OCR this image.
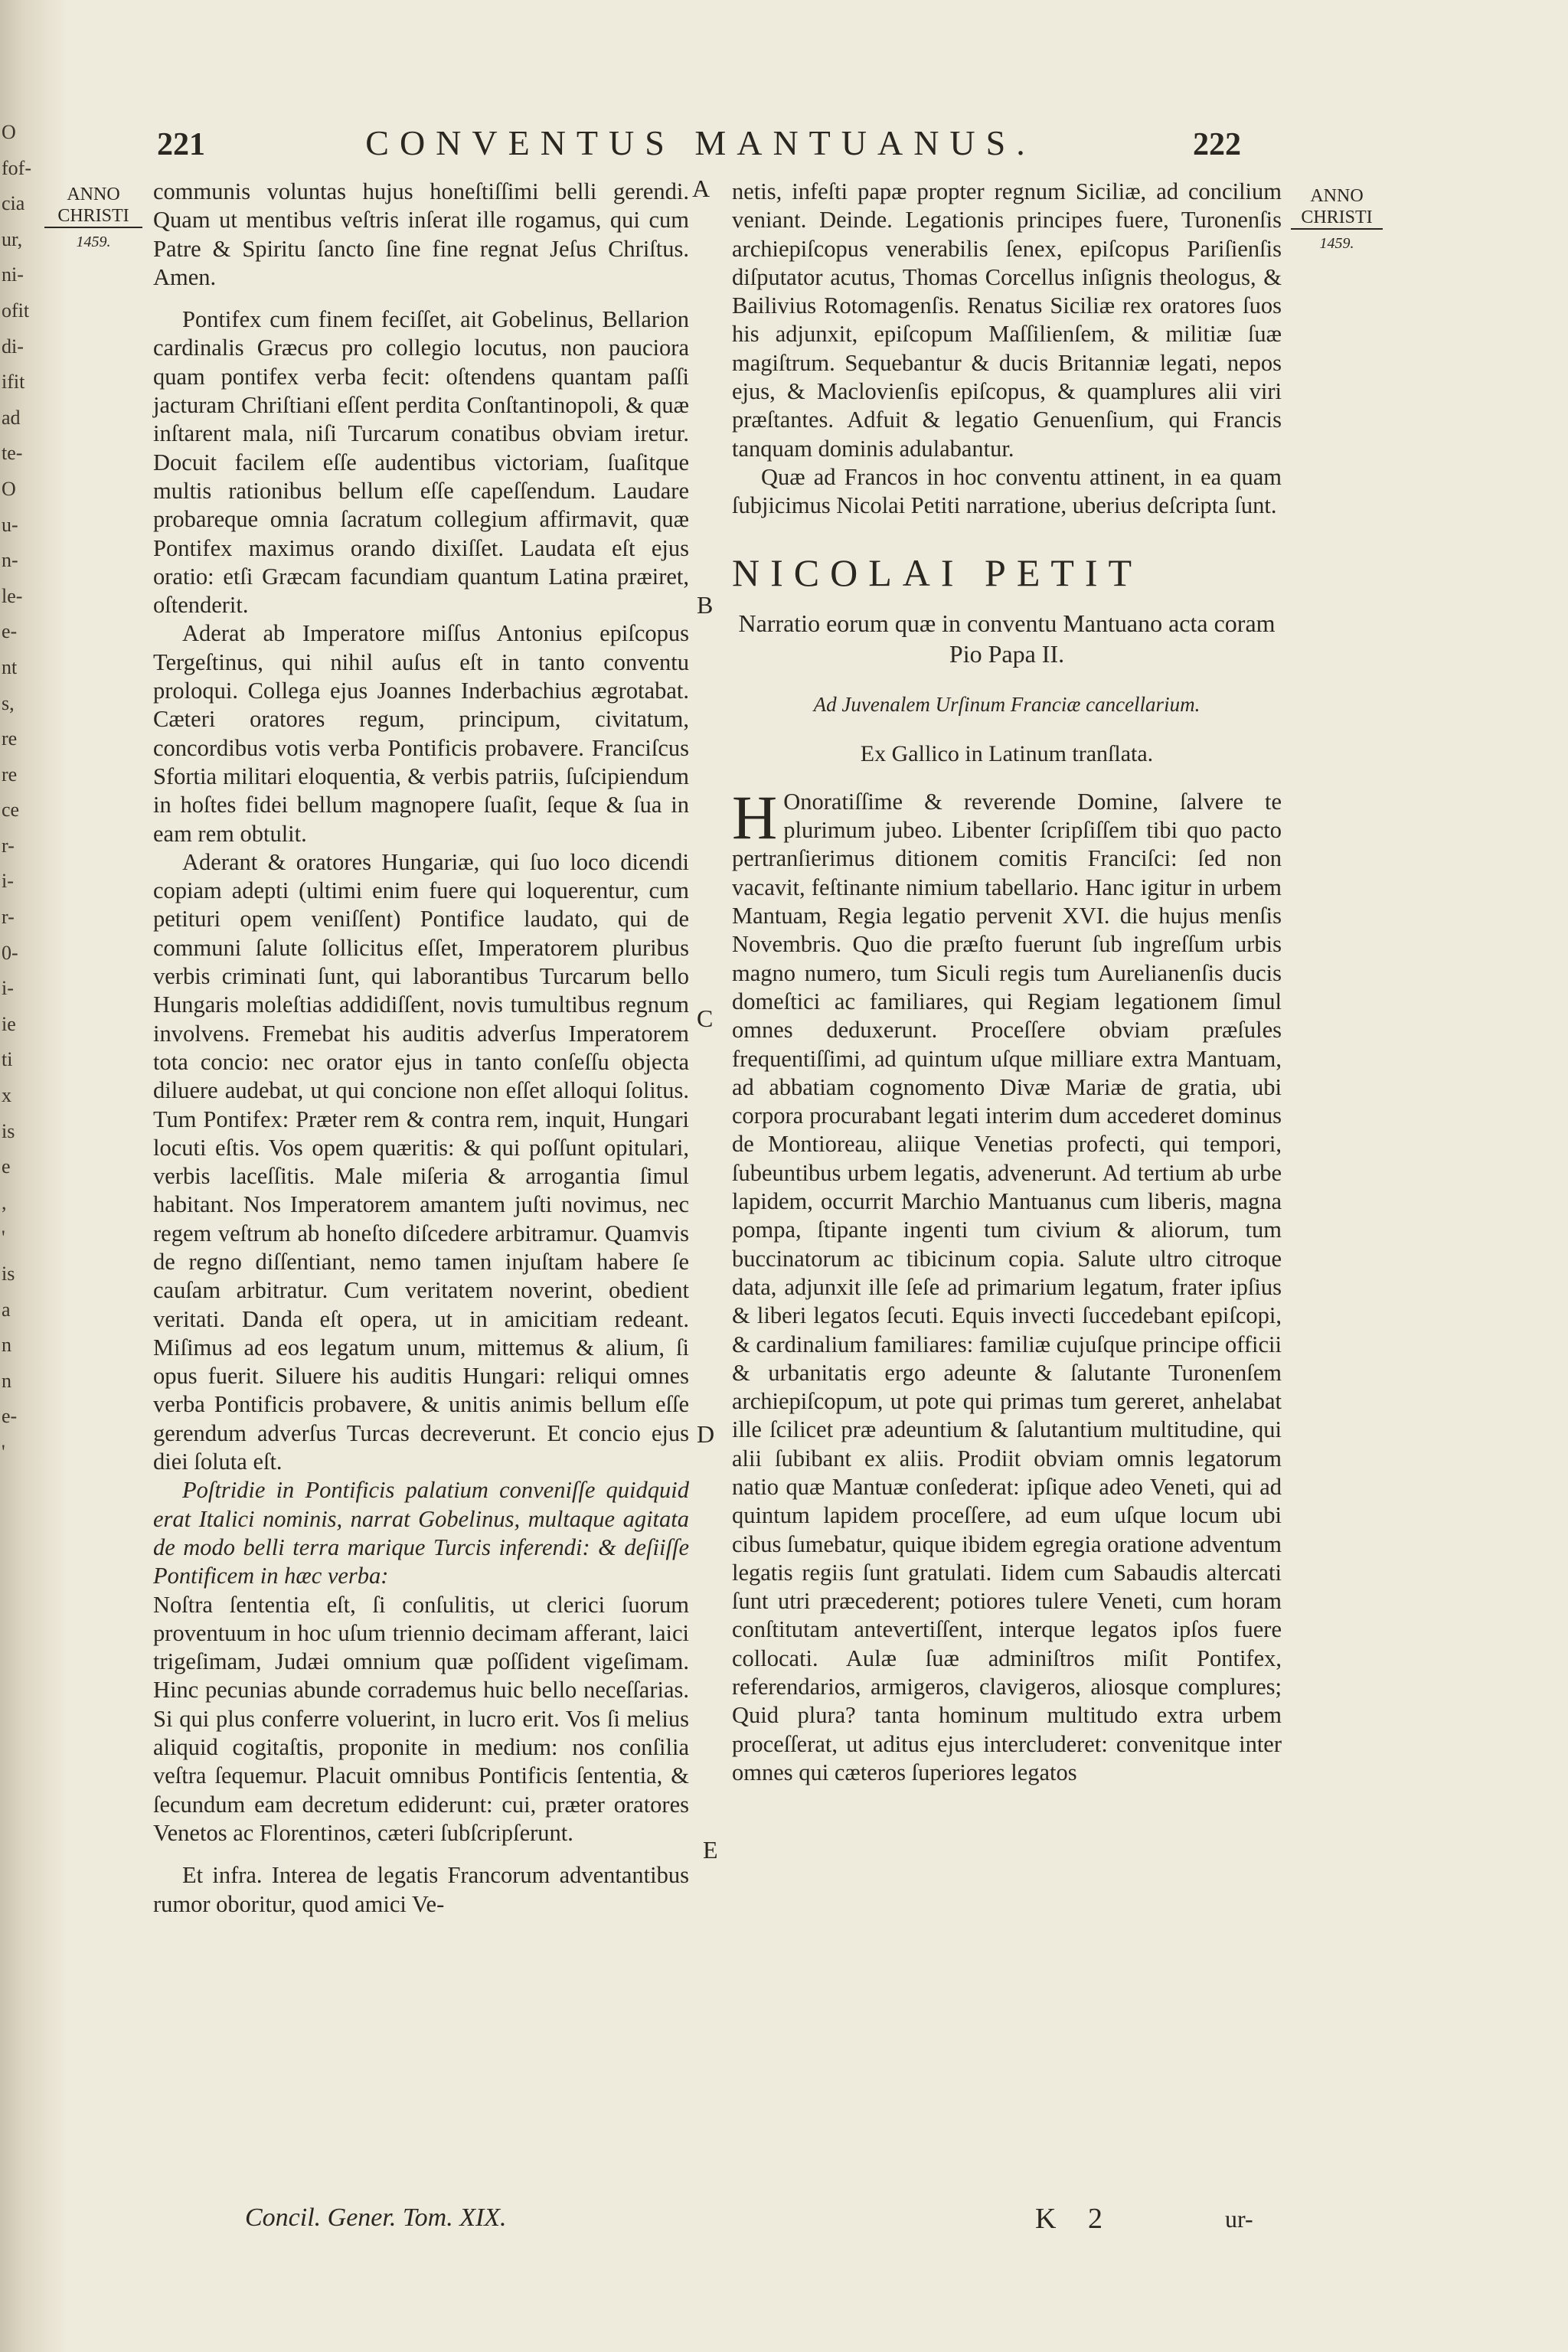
O
fof-
cia
ur,
ni-
ofit
di-
ifit
ad
te-
O
u-
n-
le-
e-
nt
s,
re
re
ce
r-
i-
r-
0-
i-
ie
ti
x
is
e
,
'
is
a
n
n
e-
'
221	CONVENTUS MANTUANUS.	222
ANNO CHRISTI
1459.
ANNO CHRISTI
1459.
A
B
C
D
E

communis voluntas hujus honeſtiſſimi belli gerendi. Quam ut mentibus veſtris inſerat ille rogamus, qui cum Patre & Spiritu ſancto ſine fine regnat Jeſus Chriſtus. Amen.

Pontifex cum finem feciſſet, ait Gobelinus, Bellarion cardinalis Græcus pro collegio locutus, non pauciora quam pontifex verba fecit: oſtendens quantam paſſi jacturam Chriſtiani eſſent perdita Conſtantinopoli, & quæ inſtarent mala, niſi Turcarum conatibus obviam iretur. Docuit facilem eſſe audentibus victoriam, ſuaſitque multis rationibus bellum eſſe capeſſendum. Laudare probareque omnia ſacratum collegium affirmavit, quæ Pontifex maximus orando dixiſſet. Laudata eſt ejus oratio: etſi Græcam facundiam quantum Latina præiret, oſtenderit.

Aderat ab Imperatore miſſus Antonius epiſcopus Tergeſtinus, qui nihil auſus eſt in tanto conventu proloqui. Collega ejus Joannes Inderbachius ægrotabat. Cæteri oratores regum, principum, civitatum, concordibus votis verba Pontificis probavere. Franciſcus Sfortia militari eloquentia, & verbis patriis, ſuſcipiendum in hoſtes fidei bellum magnopere ſuaſit, ſeque & ſua in eam rem obtulit.

Aderant & oratores Hungariæ, qui ſuo loco dicendi copiam adepti (ultimi enim fuere qui loquerentur, cum petituri opem veniſſent) Pontifice laudato, qui de communi ſalute ſollicitus eſſet, Imperatorem pluribus verbis criminati ſunt, qui laborantibus Turcarum bello Hungaris moleſtias addidiſſent, novis tumultibus regnum involvens. Fremebat his auditis adverſus Imperatorem tota concio: nec orator ejus in tanto conſeſſu objecta diluere audebat, ut qui concione non eſſet alloqui ſolitus. Tum Pontifex: Præter rem & contra rem, inquit, Hungari locuti eſtis. Vos opem quæritis: & qui poſſunt opitulari, verbis laceſſitis. Male miſeria & arrogantia ſimul habitant. Nos Imperatorem amantem juſti novimus, nec regem veſtrum ab honeſto diſcedere arbitramur. Quamvis de regno diſſentiant, nemo tamen injuſtam habere ſe cauſam arbitratur. Cum veritatem noverint, obedient veritati. Danda eſt opera, ut in amicitiam redeant. Miſimus ad eos legatum unum, mittemus & alium, ſi opus fuerit. Siluere his auditis Hungari: reliqui omnes verba Pontificis probavere, & unitis animis bellum eſſe gerendum adverſus Turcas decreverunt. Et concio ejus diei ſoluta eſt.

Poſtridie in Pontificis palatium conveniſſe quidquid erat Italici nominis, narrat Gobelinus, multaque agitata de modo belli terra marique Turcis inferendi: & deſiiſſe Pontificem in hæc verba:

Noſtra ſententia eſt, ſi conſulitis, ut clerici ſuorum proventuum in hoc uſum triennio decimam afferant, laici trigeſimam, Judæi omnium quæ poſſident vigeſimam. Hinc pecunias abunde corrademus huic bello neceſſarias. Si qui plus conferre voluerint, in lucro erit. Vos ſi melius aliquid cogitaſtis, proponite in medium: nos conſilia veſtra ſequemur. Placuit omnibus Pontificis ſententia, & ſecundum eam decretum ediderunt: cui, præter oratores Venetos ac Florentinos, cæteri ſubſcripſerunt.

Et infra. Interea de legatis Francorum adventantibus rumor oboritur, quod amici Ve-

netis, infeſti papæ propter regnum Siciliæ, ad concilium veniant. Deinde. Legationis principes fuere, Turonenſis archiepiſcopus venerabilis ſenex, epiſcopus Pariſienſis diſputator acutus, Thomas Corcellus inſignis theologus, & Bailivius Rotomagenſis. Renatus Siciliæ rex oratores ſuos his adjunxit, epiſcopum Maſſilienſem, & militiæ ſuæ magiſtrum. Sequebantur & ducis Britanniæ legati, nepos ejus, & Maclovienſis epiſcopus, & quamplures alii viri præſtantes. Adfuit & legatio Genuenſium, qui Francis tanquam dominis adulabantur.

Quæ ad Francos in hoc conventu attinent, in ea quam ſubjicimus Nicolai Petiti narratione, uberius deſcripta ſunt.

NICOLAI PETIT
Narratio eorum quæ in conventu Mantuano acta coram Pio Papa II.
Ad Juvenalem Urſinum Franciæ cancellarium.
Ex Gallico in Latinum tranſlata.

H Onoratiſſime & reverende Domine, ſalvere te plurimum jubeo. Libenter ſcripſiſſem tibi quo pacto pertranſierimus ditionem comitis Franciſci: ſed non vacavit, feſtinante nimium tabellario. Hanc igitur in urbem Mantuam, Regia legatio pervenit XVI. die hujus menſis Novembris. Quo die præſto fuerunt ſub ingreſſum urbis magno numero, tum Siculi regis tum Aurelianenſis ducis domeſtici ac familiares, qui Regiam legationem ſimul omnes deduxerunt. Proceſſere obviam præſules frequentiſſimi, ad quintum uſque milliare extra Mantuam, ad abbatiam cognomento Divæ Mariæ de gratia, ubi corpora procurabant legati interim dum accederet dominus de Montioreau, aliique Venetias profecti, qui tempori, ſubeuntibus urbem legatis, advenerunt. Ad tertium ab urbe lapidem, occurrit Marchio Mantuanus cum liberis, magna pompa, ſtipante ingenti tum civium & aliorum, tum buccinatorum ac tibicinum copia. Salute ultro citroque data, adjunxit ille ſeſe ad primarium legatum, frater ipſius & liberi legatos ſecuti. Equis invecti ſuccedebant epiſcopi, & cardinalium familiares: familiæ cujuſque principe officii & urbanitatis ergo adeunte & ſalutante Turonenſem archiepiſcopum, ut pote qui primas tum gereret, anhelabat ille ſcilicet præ adeuntium & ſalutantium multitudine, qui alii ſubibant ex aliis. Prodiit obviam omnis legatorum natio quæ Mantuæ conſederat: ipſique adeo Veneti, qui ad quintum lapidem proceſſere, ad eum uſque locum ubi cibus ſumebatur, quique ibidem egregia oratione adventum legatis regiis ſunt gratulati. Iidem cum Sabaudis altercati ſunt utri præcederent; potiores tulere Veneti, cum horam conſtitutam antevertiſſent, interque legatos ipſos fuere collocati. Aulæ ſuæ adminiſtros miſit Pontifex, referendarios, armigeros, clavigeros, aliosque complures; Quid plura? tanta hominum multitudo extra urbem proceſſerat, ut aditus ejus intercluderet: convenitque inter omnes qui cæteros ſuperiores legatos

Concil. Gener. Tom. XIX.	K 2	ur-
